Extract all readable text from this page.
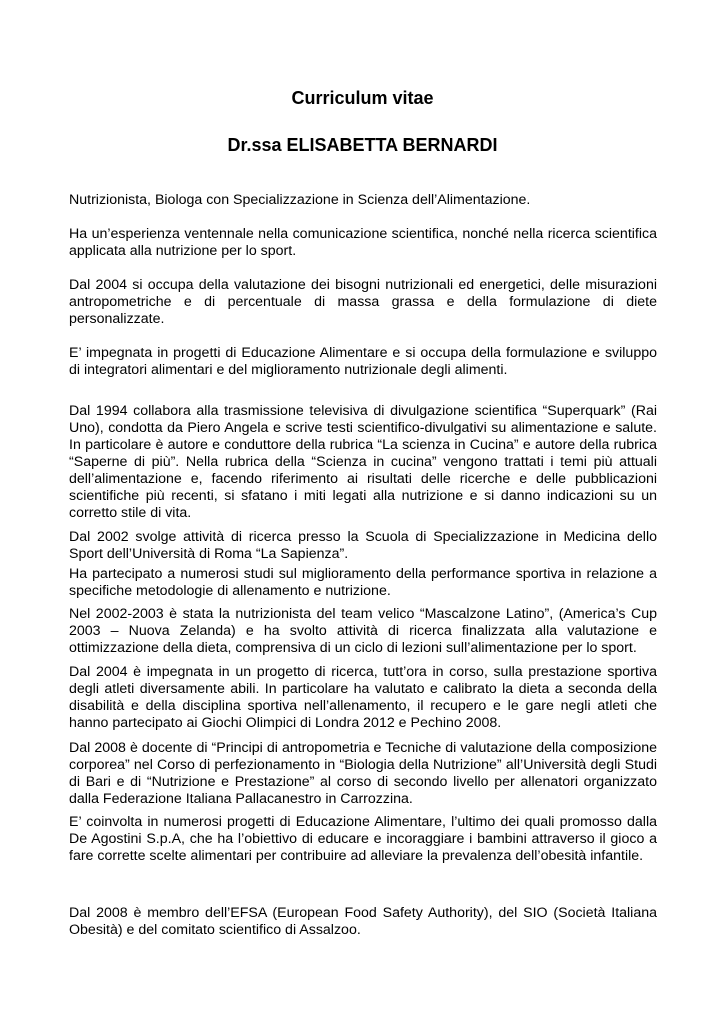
Curriculum vitae
Dr.ssa ELISABETTA BERNARDI

Nutrizionista, Biologa con Specializzazione in Scienza dell’Alimentazione.

Ha un’esperienza ventennale nella comunicazione scientifica, nonché nella ricerca scientifica applicata alla nutrizione per lo sport.

Dal 2004 si occupa della valutazione dei bisogni nutrizionali ed energetici, delle misurazioni antropometriche e di percentuale di massa grassa e della formulazione di diete personalizzate.

E’ impegnata in progetti di Educazione Alimentare e si occupa della formulazione e sviluppo di integratori alimentari e del miglioramento nutrizionale degli alimenti.

Dal 1994 collabora alla trasmissione televisiva di divulgazione scientifica “Superquark” (Rai Uno), condotta da Piero Angela e scrive testi scientifico-divulgativi su alimentazione e salute. In particolare è autore e conduttore della rubrica “La scienza in Cucina” e autore della rubrica “Saperne di più”. Nella rubrica della “Scienza in cucina” vengono trattati i temi più attuali dell’alimentazione e, facendo riferimento ai risultati delle ricerche e delle pubblicazioni scientifiche più recenti, si sfatano i miti legati alla nutrizione e si danno indicazioni su un corretto stile di vita.

Dal 2002 svolge attività di ricerca presso la Scuola di Specializzazione in Medicina dello Sport dell’Università di Roma “La Sapienza”.

Ha partecipato a numerosi studi sul miglioramento della performance sportiva in relazione a specifiche metodologie di allenamento e nutrizione.

Nel 2002-2003 è stata la nutrizionista del team velico “Mascalzone Latino”, (America’s Cup 2003 – Nuova Zelanda) e ha svolto attività di ricerca finalizzata alla valutazione e ottimizzazione della dieta, comprensiva di un ciclo di lezioni sull’alimentazione per lo sport.

Dal 2004 è impegnata in un progetto di ricerca, tutt’ora in corso, sulla prestazione sportiva degli atleti diversamente abili. In particolare ha valutato e calibrato la dieta a seconda della disabilità e della disciplina sportiva nell’allenamento, il recupero e le gare negli atleti che hanno partecipato ai Giochi Olimpici di Londra 2012 e Pechino 2008.

Dal 2008 è docente di “Principi di antropometria e Tecniche di valutazione della composizione corporea” nel Corso di perfezionamento in “Biologia della Nutrizione” all’Università degli Studi di Bari e di “Nutrizione e Prestazione” al corso di secondo livello per allenatori organizzato dalla Federazione Italiana Pallacanestro in Carrozzina.

E’ coinvolta in numerosi progetti di Educazione Alimentare, l’ultimo dei quali promosso dalla De Agostini S.p.A, che ha l’obiettivo di educare e incoraggiare i bambini attraverso il gioco a fare corrette scelte alimentari per contribuire ad alleviare la prevalenza dell’obesità infantile.

Dal 2008 è membro dell’EFSA (European Food Safety Authority), del SIO (Società Italiana Obesità) e del comitato scientifico di Assalzoo.
